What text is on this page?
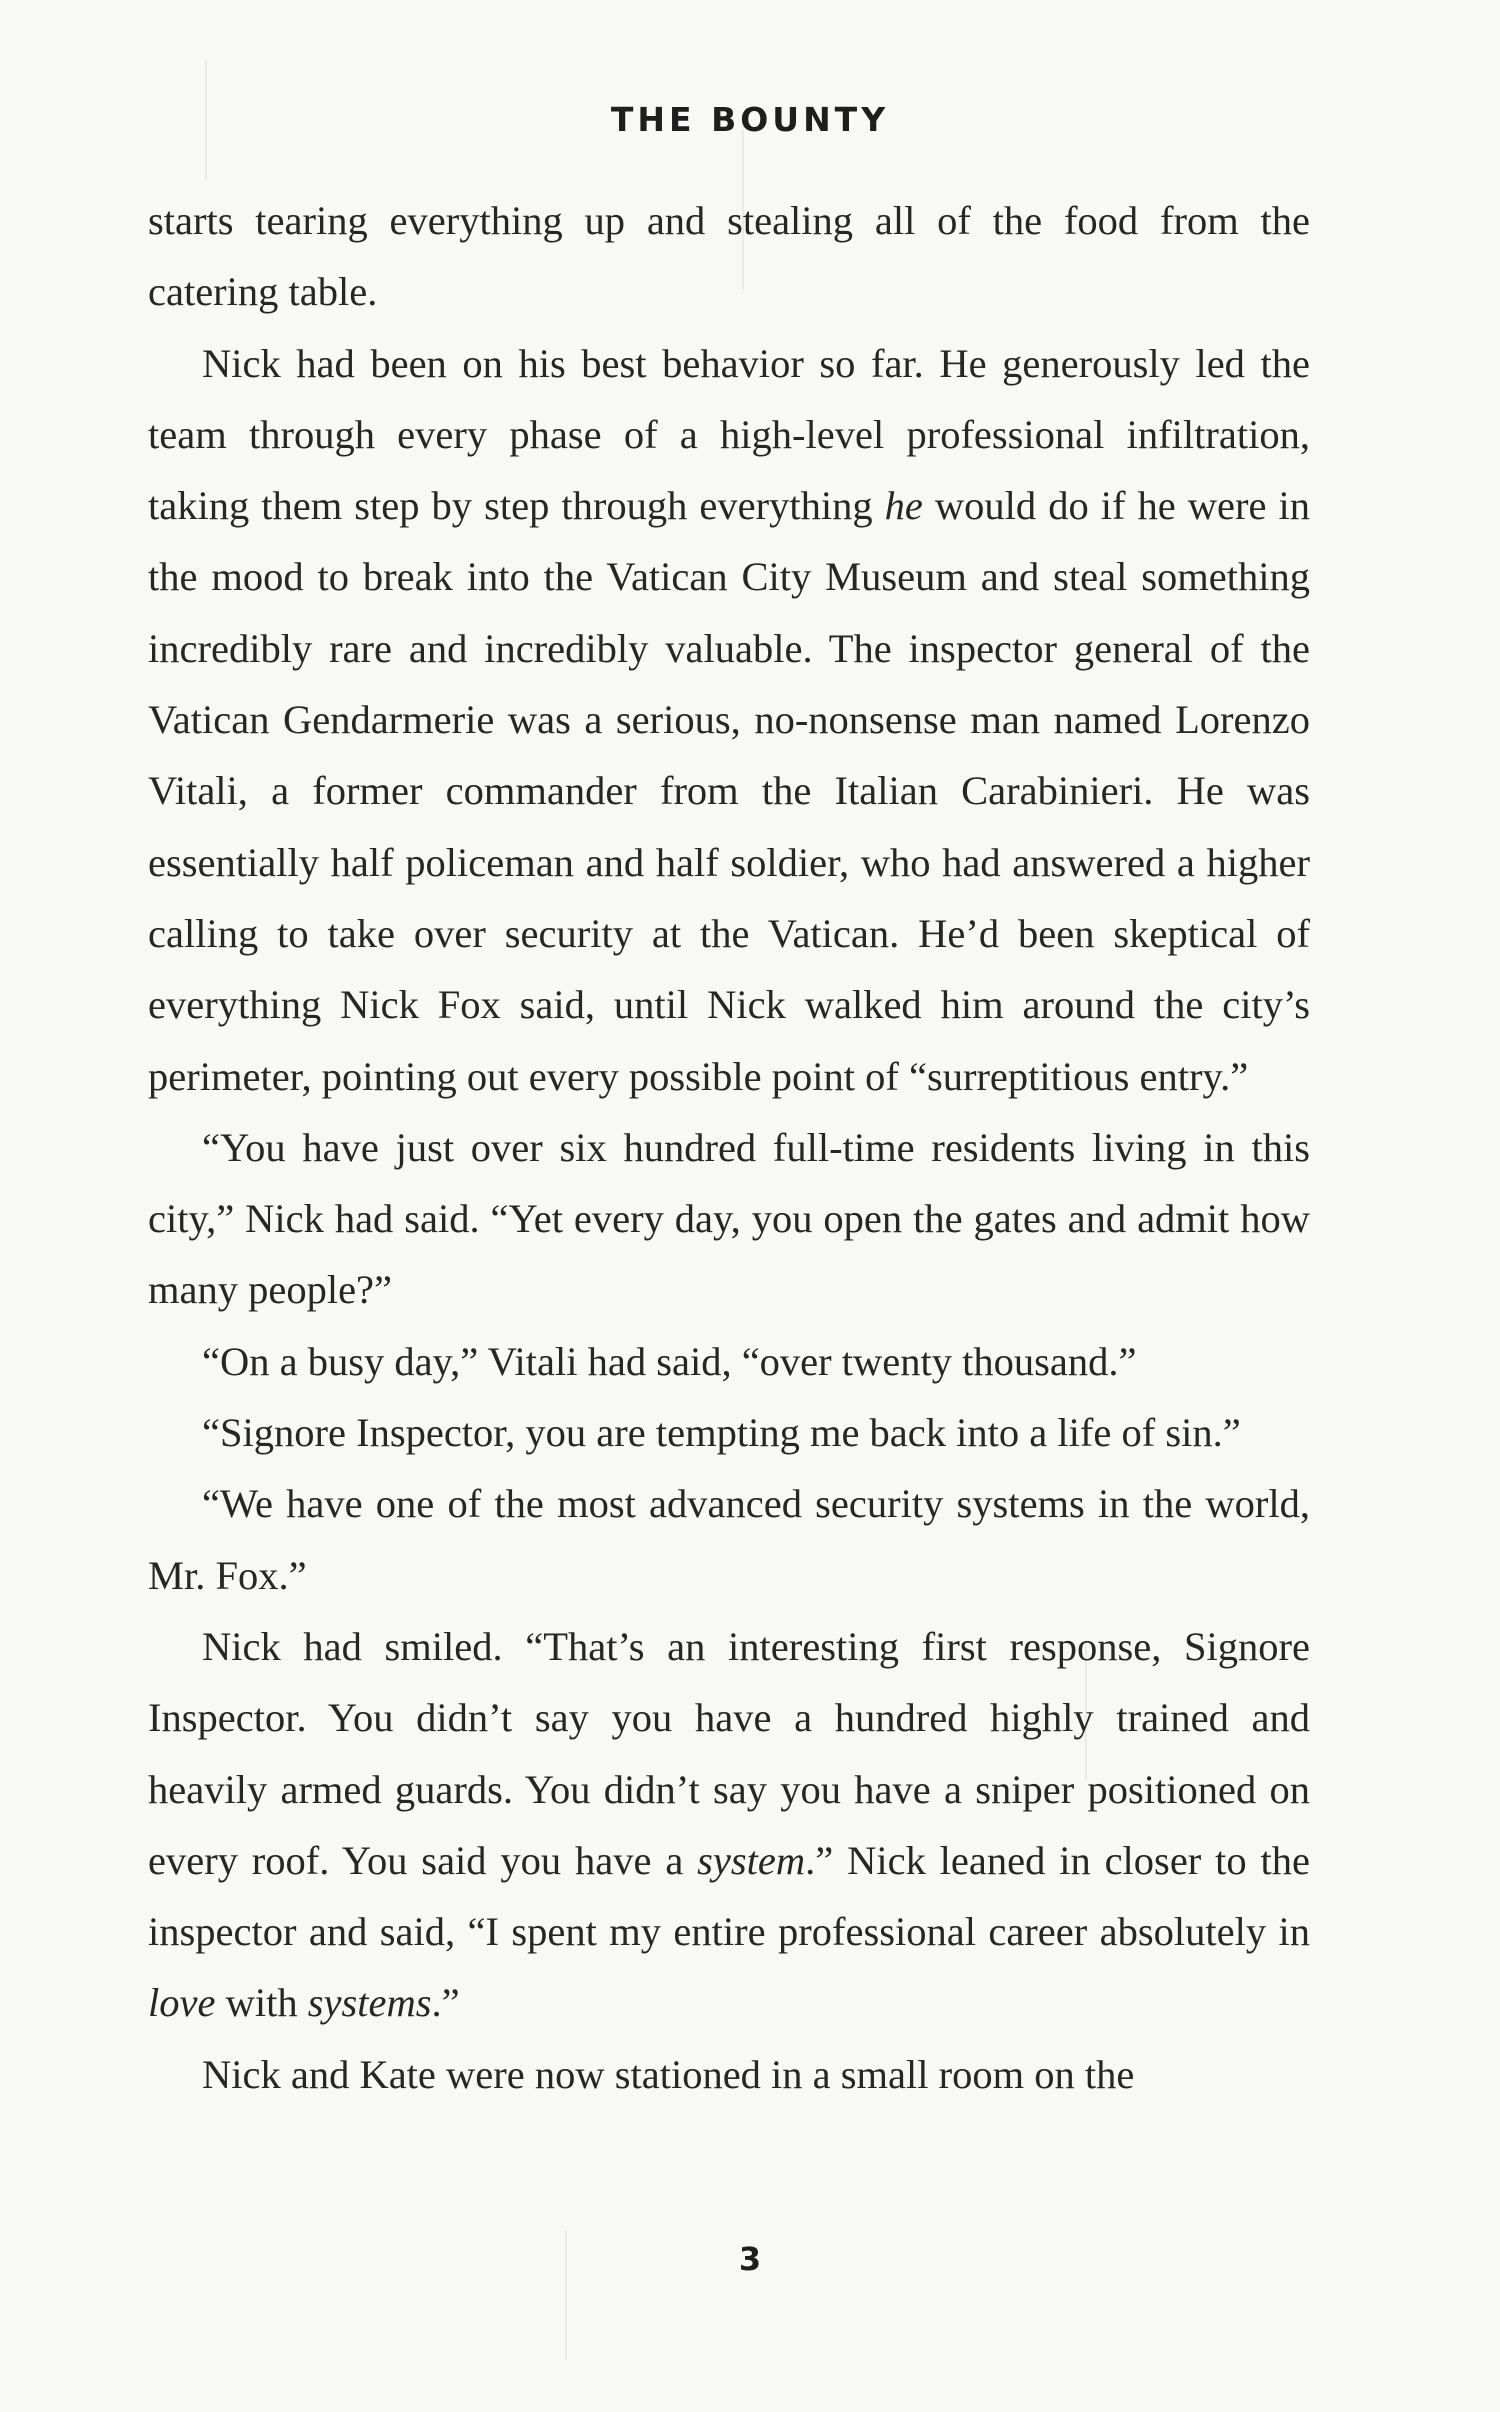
THE BOUNTY

starts tearing everything up and stealing all of the food from the catering table.

Nick had been on his best behavior so far. He generously led the team through every phase of a high-level professional infiltration, taking them step by step through everything he would do if he were in the mood to break into the Vatican City Museum and steal something incredibly rare and incredibly valuable. The inspector general of the Vatican Gendarmerie was a serious, no-nonsense man named Lorenzo Vitali, a former commander from the Italian Carabinieri. He was essentially half policeman and half soldier, who had answered a higher calling to take over security at the Vatican. He’d been skeptical of everything Nick Fox said, until Nick walked him around the city’s perimeter, pointing out every possible point of “surreptitious entry.”

“You have just over six hundred full-time residents living in this city,” Nick had said. “Yet every day, you open the gates and admit how many people?”

“On a busy day,” Vitali had said, “over twenty thousand.”

“Signore Inspector, you are tempting me back into a life of sin.”

“We have one of the most advanced security systems in the world, Mr. Fox.”

Nick had smiled. “That’s an interesting first response, Signore Inspector. You didn’t say you have a hundred highly trained and heavily armed guards. You didn’t say you have a sniper positioned on every roof. You said you have a system.” Nick leaned in closer to the inspector and said, “I spent my entire professional career absolutely in love with systems.”

Nick and Kate were now stationed in a small room on the

3
